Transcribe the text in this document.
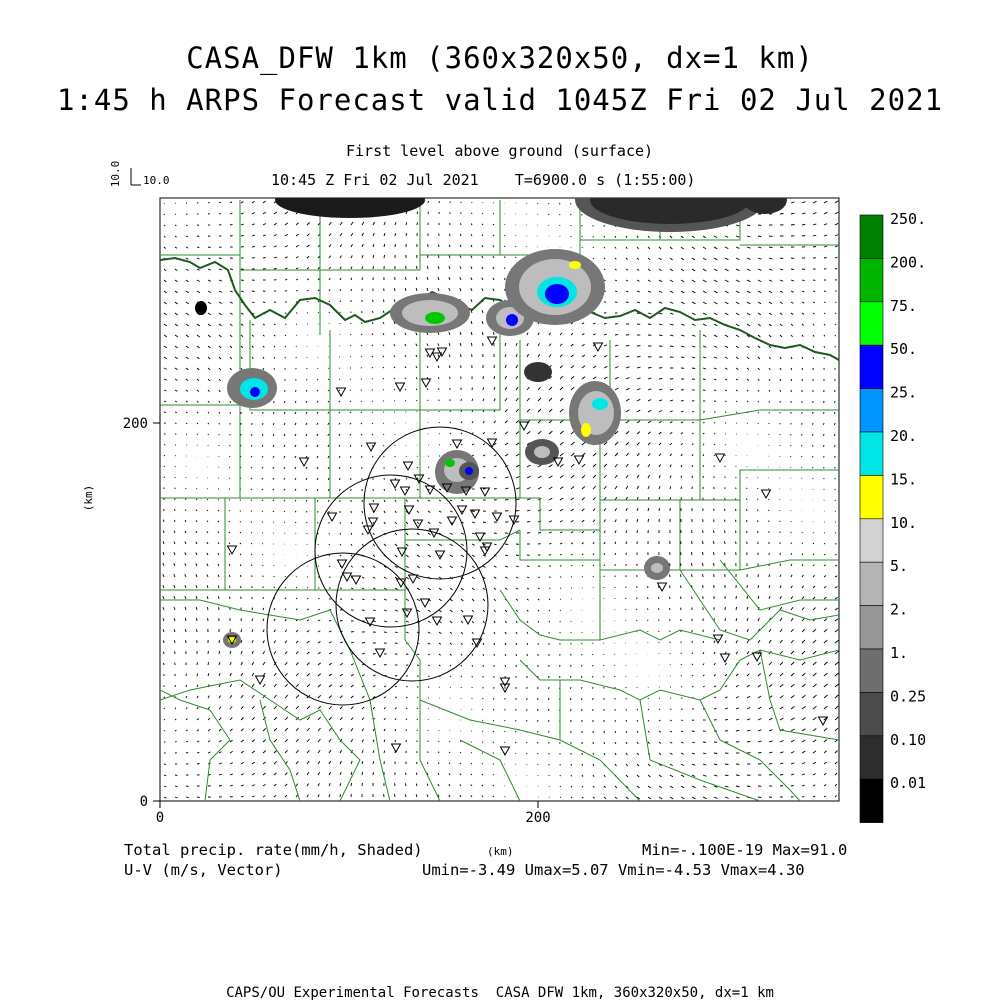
0	200
0
200
(km)
10.0 10.0
250.
200.
75.
50.
25.
20.
15.
10.
5.
2.
1.
0.25
0.10
0.01
CASA_DFW 1km (360x320x50, dx=1 km)
1:45 h ARPS Forecast valid 1045Z Fri 02 Jul 2021
First level above ground (surface)
10:45 Z Fri 02 Jul 2021    T=6900.0 s (1:55:00)
Total precip. rate(mm/h, Shaded)	(km)	Min=-.100E-19 Max=91.0
U-V (m/s, Vector)	Umin=-3.49 Umax=5.07 Vmin=-4.53 Vmax=4.30
CAPS/OU Experimental Forecasts  CASA DFW 1km, 360x320x50, dx=1 km
